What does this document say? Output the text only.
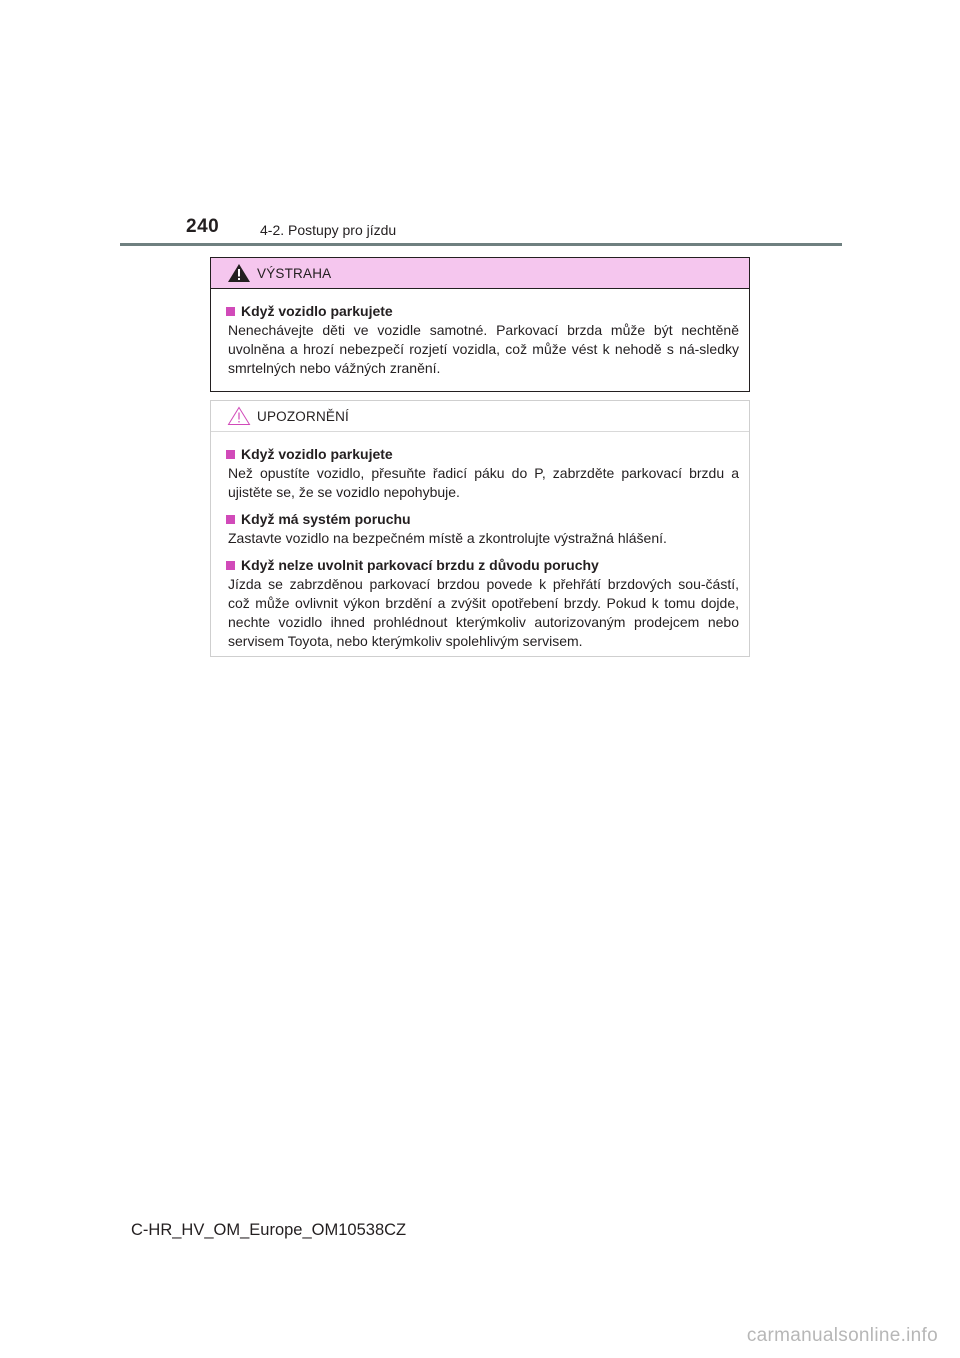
240	4-2. Postupy pro jízdu
VÝSTRAHA
Když vozidlo parkujete
Nenechávejte děti ve vozidle samotné. Parkovací brzda může být nechtěně uvolněna a hrozí nebezpečí rozjetí vozidla, což může vést k nehodě s ná-sledky smrtelných nebo vážných zranění.
UPOZORNĚNÍ
Když vozidlo parkujete
Než opustíte vozidlo, přesuňte řadicí páku do P, zabrzděte parkovací brzdu a ujistěte se, že se vozidlo nepohybuje.
Když má systém poruchu
Zastavte vozidlo na bezpečném místě a zkontrolujte výstražná hlášení.
Když nelze uvolnit parkovací brzdu z důvodu poruchy
Jízda se zabrzděnou parkovací brzdou povede k přehřátí brzdových sou-částí, což může ovlivnit výkon brzdění a zvýšit opotřebení brzdy. Pokud k tomu dojde, nechte vozidlo ihned prohlédnout kterýmkoliv autorizovaným prodejcem nebo servisem Toyota, nebo kterýmkoliv spolehlivým servisem.
C-HR_HV_OM_Europe_OM10538CZ
carmanualsonline.info
